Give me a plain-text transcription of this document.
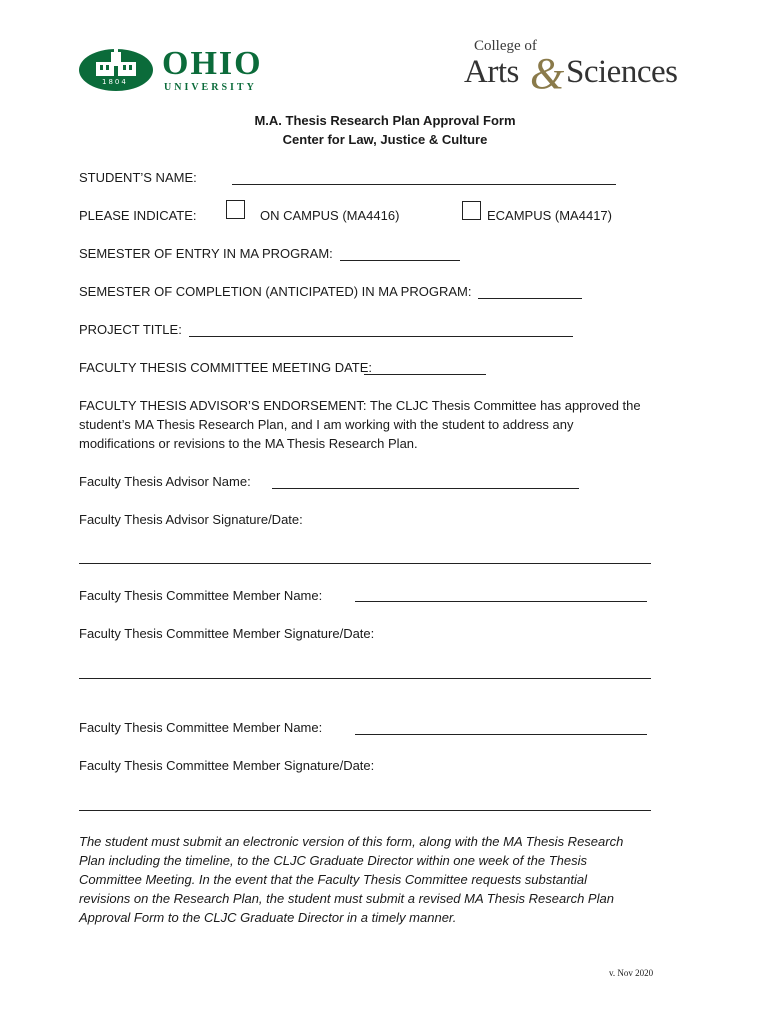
1804 OHIO
UNIVERSITY
College of
Arts & Sciences
M.A. Thesis Research Plan Approval Form
Center for Law, Justice & Culture
STUDENT’S NAME:
PLEASE INDICATE:	ON CAMPUS (MA4416)	ECAMPUS (MA4417)
SEMESTER OF ENTRY IN MA PROGRAM:
SEMESTER OF COMPLETION (ANTICIPATED) IN MA PROGRAM:
PROJECT TITLE:
FACULTY THESIS COMMITTEE MEETING DATE:
FACULTY THESIS ADVISOR’S ENDORSEMENT: The CLJC Thesis Committee has approved the
student’s MA Thesis Research Plan, and I am working with the student to address any
modifications or revisions to the MA Thesis Research Plan.
Faculty Thesis Advisor Name:
Faculty Thesis Advisor Signature/Date:
Faculty Thesis Committee Member Name:
Faculty Thesis Committee Member Signature/Date:
Faculty Thesis Committee Member Name:
Faculty Thesis Committee Member Signature/Date:
The student must submit an electronic version of this form, along with the MA Thesis Research
Plan including the timeline, to the CLJC Graduate Director within one week of the Thesis
Committee Meeting. In the event that the Faculty Thesis Committee requests substantial
revisions on the Research Plan, the student must submit a revised MA Thesis Research Plan
Approval Form to the CLJC Graduate Director in a timely manner.
v. Nov 2020
